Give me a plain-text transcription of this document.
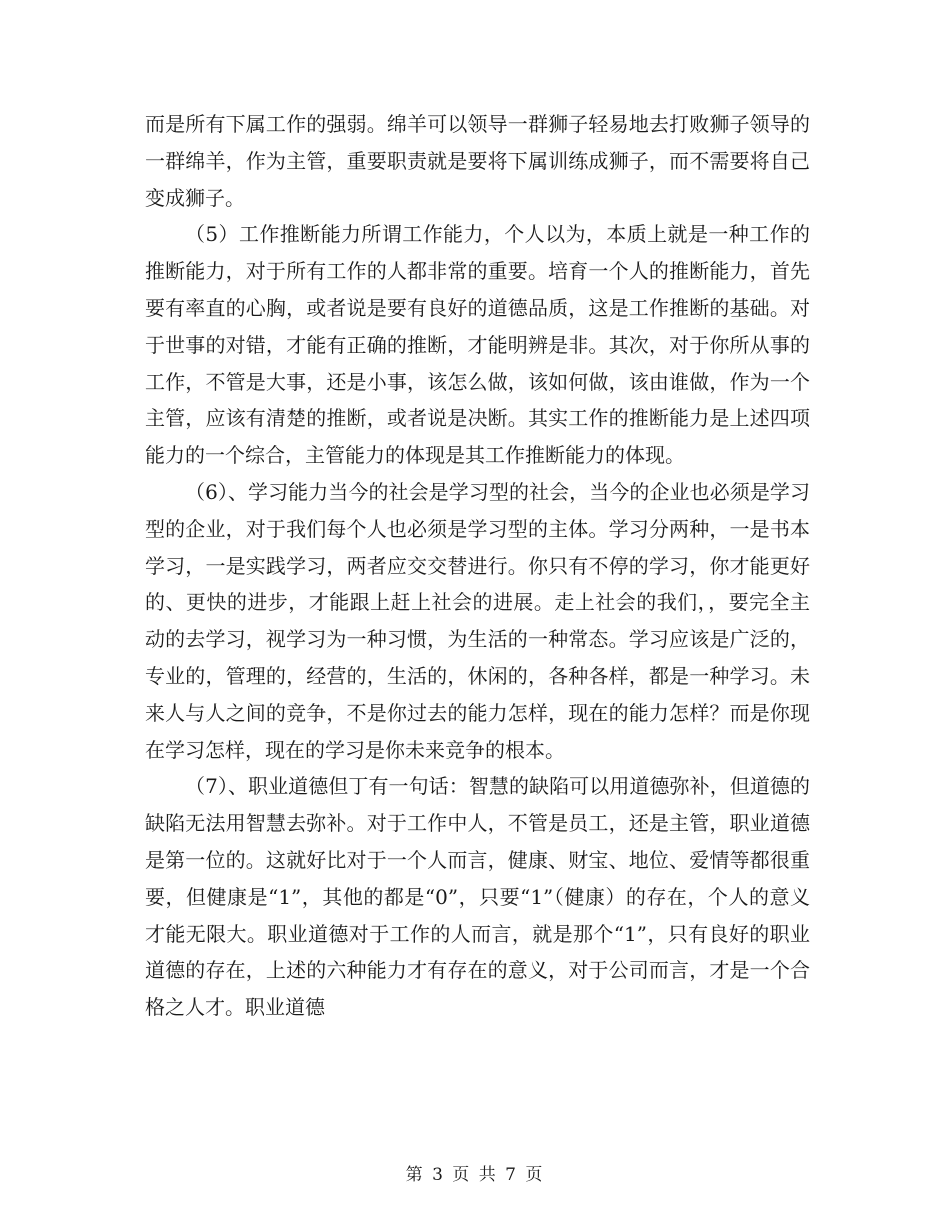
而是所有下属工作的强弱。绵羊可以领导一群狮子轻易地去打败狮子领导的一群绵羊，作为主管，重要职责就是要将下属训练成狮子，而不需要将自己变成狮子。

（5）工作推断能力所谓工作能力，个人以为，本质上就是一种工作的推断能力，对于所有工作的人都非常的重要。培育一个人的推断能力，首先要有率直的心胸，或者说是要有良好的道德品质，这是工作推断的基础。对于世事的对错，才能有正确的推断，才能明辨是非。其次，对于你所从事的工作，不管是大事，还是小事，该怎么做，该如何做，该由谁做，作为一个主管，应该有清楚的推断，或者说是决断。其实工作的推断能力是上述四项能力的一个综合，主管能力的体现是其工作推断能力的体现。

（6）、学习能力当今的社会是学习型的社会，当今的企业也必须是学习型的企业，对于我们每个人也必须是学习型的主体。学习分两种，一是书本学习，一是实践学习，两者应交交替进行。你只有不停的学习，你才能更好的、更快的进步，才能跟上赶上社会的进展。走上社会的我们，，要完全主动的去学习，视学习为一种习惯，为生活的一种常态。学习应该是广泛的，专业的，管理的，经营的，生活的，休闲的，各种各样，都是一种学习。未来人与人之间的竞争，不是你过去的能力怎样，现在的能力怎样？而是你现在学习怎样，现在的学习是你未来竞争的根本。

（7）、职业道德但丁有一句话：智慧的缺陷可以用道德弥补，但道德的缺陷无法用智慧去弥补。对于工作中人，不管是员工，还是主管，职业道德是第一位的。这就好比对于一个人而言，健康、财宝、地位、爱情等都很重要，但健康是“1”，其他的都是“0”，只要“1”（健康）的存在，个人的意义才能无限大。职业道德对于工作的人而言，就是那个“1”，只有良好的职业道德的存在，上述的六种能力才有存在的意义，对于公司而言，才是一个合格之人才。职业道德

第 3 页 共 7 页
